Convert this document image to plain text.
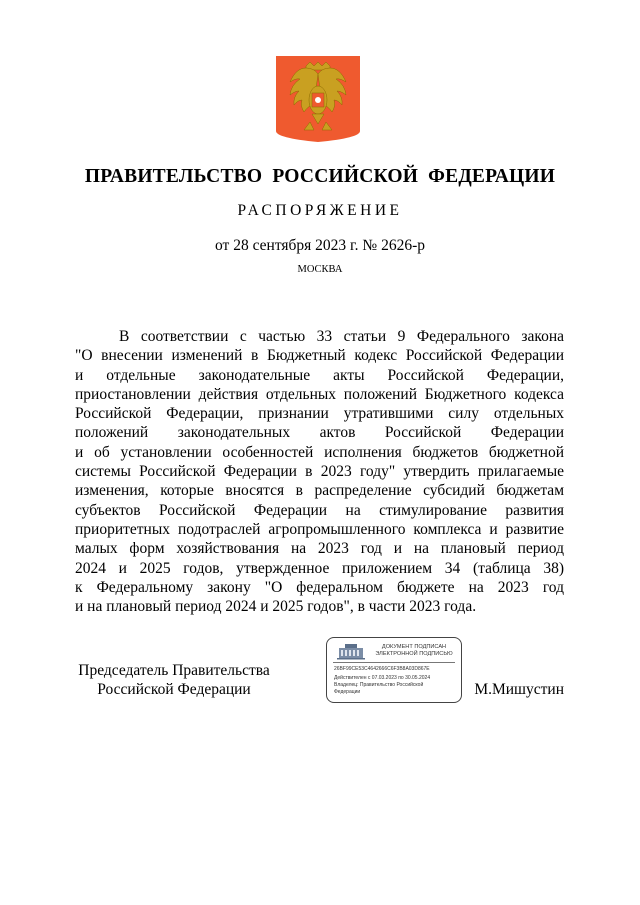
ПРАВИТЕЛЬСТВО РОССИЙСКОЙ ФЕДЕРАЦИИ
РАСПОРЯЖЕНИЕ
от 28 сентября 2023 г. № 2626-р
МОСКВА
В соответствии с частью 33 статьи 9 Федерального закона
"О внесении изменений в Бюджетный кодекс Российской Федерации
и отдельные законодательные акты Российской Федерации,
приостановлении действия отдельных положений Бюджетного кодекса
Российской Федерации, признании утратившими силу отдельных
положений законодательных актов Российской Федерации
и об установлении особенностей исполнения бюджетов бюджетной
системы Российской Федерации в 2023 году" утвердить прилагаемые
изменения, которые вносятся в распределение субсидий бюджетам
субъектов Российской Федерации на стимулирование развития
приоритетных подотраслей агропромышленного комплекса и развитие
малых форм хозяйствования на 2023 год и на плановый период
2024 и 2025 годов, утвержденное приложением 34 (таблица 38)
к Федеральному закону "О федеральном бюджете на 2023 год
и на плановый период 2024 и 2025 годов", в части 2023 года.
Председатель Правительства
Российской Федерации
ДОКУМЕНТ ПОДПИСАН
ЭЛЕКТРОННОЙ ПОДПИСЬЮ
26BF99CE53C4642666C6F3B8A03D867E
Действителен с 07.03.2023 по 30.05.2024
Владелец: Правительство Российской
Федерации	М.Мишустин
